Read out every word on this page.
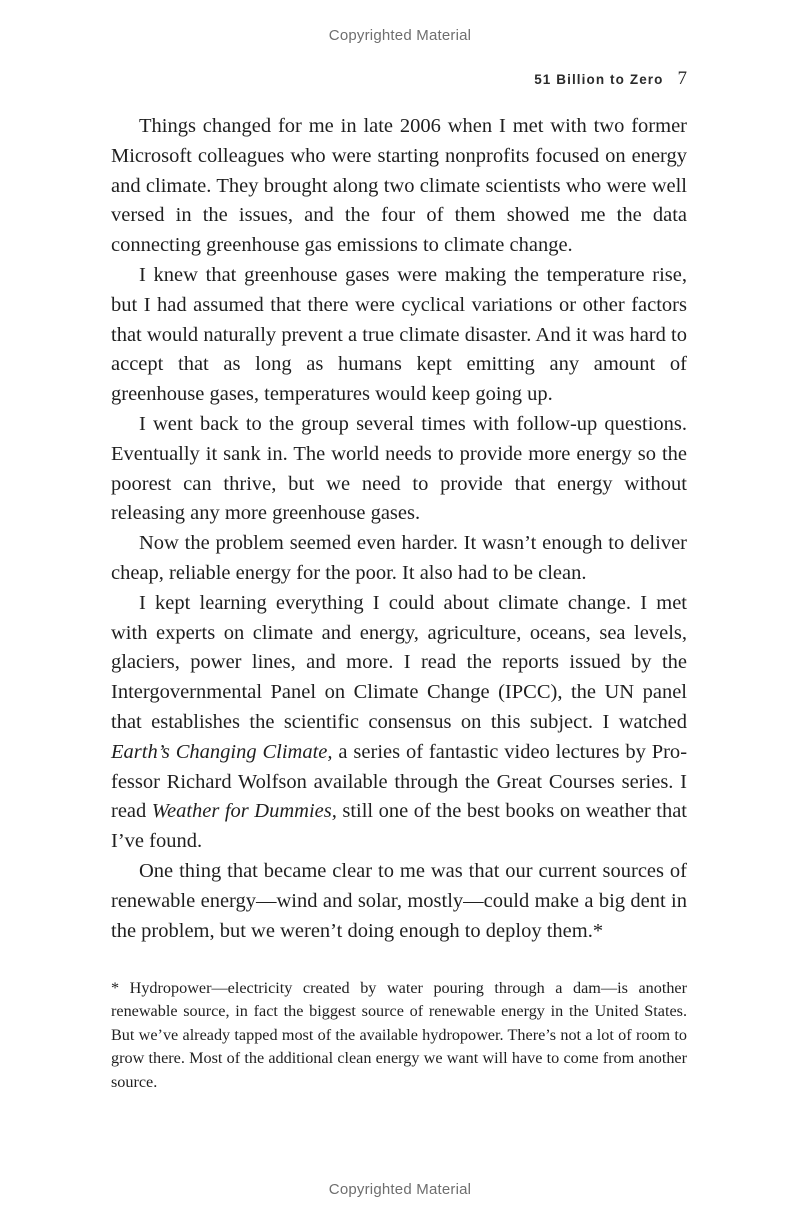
Copyrighted Material
51 Billion to Zero 7

Things changed for me in late 2006 when I met with two former Microsoft colleagues who were starting nonprofits focused on energy and climate. They brought along two climate scientists who were well versed in the issues, and the four of them showed me the data connecting greenhouse gas emissions to climate change.

I knew that greenhouse gases were making the temperature rise, but I had assumed that there were cyclical variations or other factors that would naturally prevent a true climate disaster. And it was hard to accept that as long as humans kept emitting any amount of greenhouse gases, temperatures would keep going up.

I went back to the group several times with follow-up questions. Eventually it sank in. The world needs to provide more energy so the poorest can thrive, but we need to provide that energy without releasing any more greenhouse gases.

Now the problem seemed even harder. It wasn’t enough to deliver cheap, reliable energy for the poor. It also had to be clean.

I kept learning everything I could about climate change. I met with experts on climate and energy, agriculture, oceans, sea levels, glaciers, power lines, and more. I read the reports issued by the Intergovernmental Panel on Climate Change (IPCC), the UN panel that establishes the scientific consensus on this subject. I watched Earth’s Changing Climate, a series of fantastic video lectures by Professor Richard Wolfson available through the Great Courses series. I read Weather for Dummies, still one of the best books on weather that I’ve found.

One thing that became clear to me was that our current sources of renewable energy—wind and solar, mostly—could make a big dent in the problem, but we weren’t doing enough to deploy them.*

* Hydropower—electricity created by water pouring through a dam—is another renewable source, in fact the biggest source of renewable energy in the United States. But we’ve already tapped most of the available hydropower. There’s not a lot of room to grow there. Most of the additional clean energy we want will have to come from another source.

Copyrighted Material
